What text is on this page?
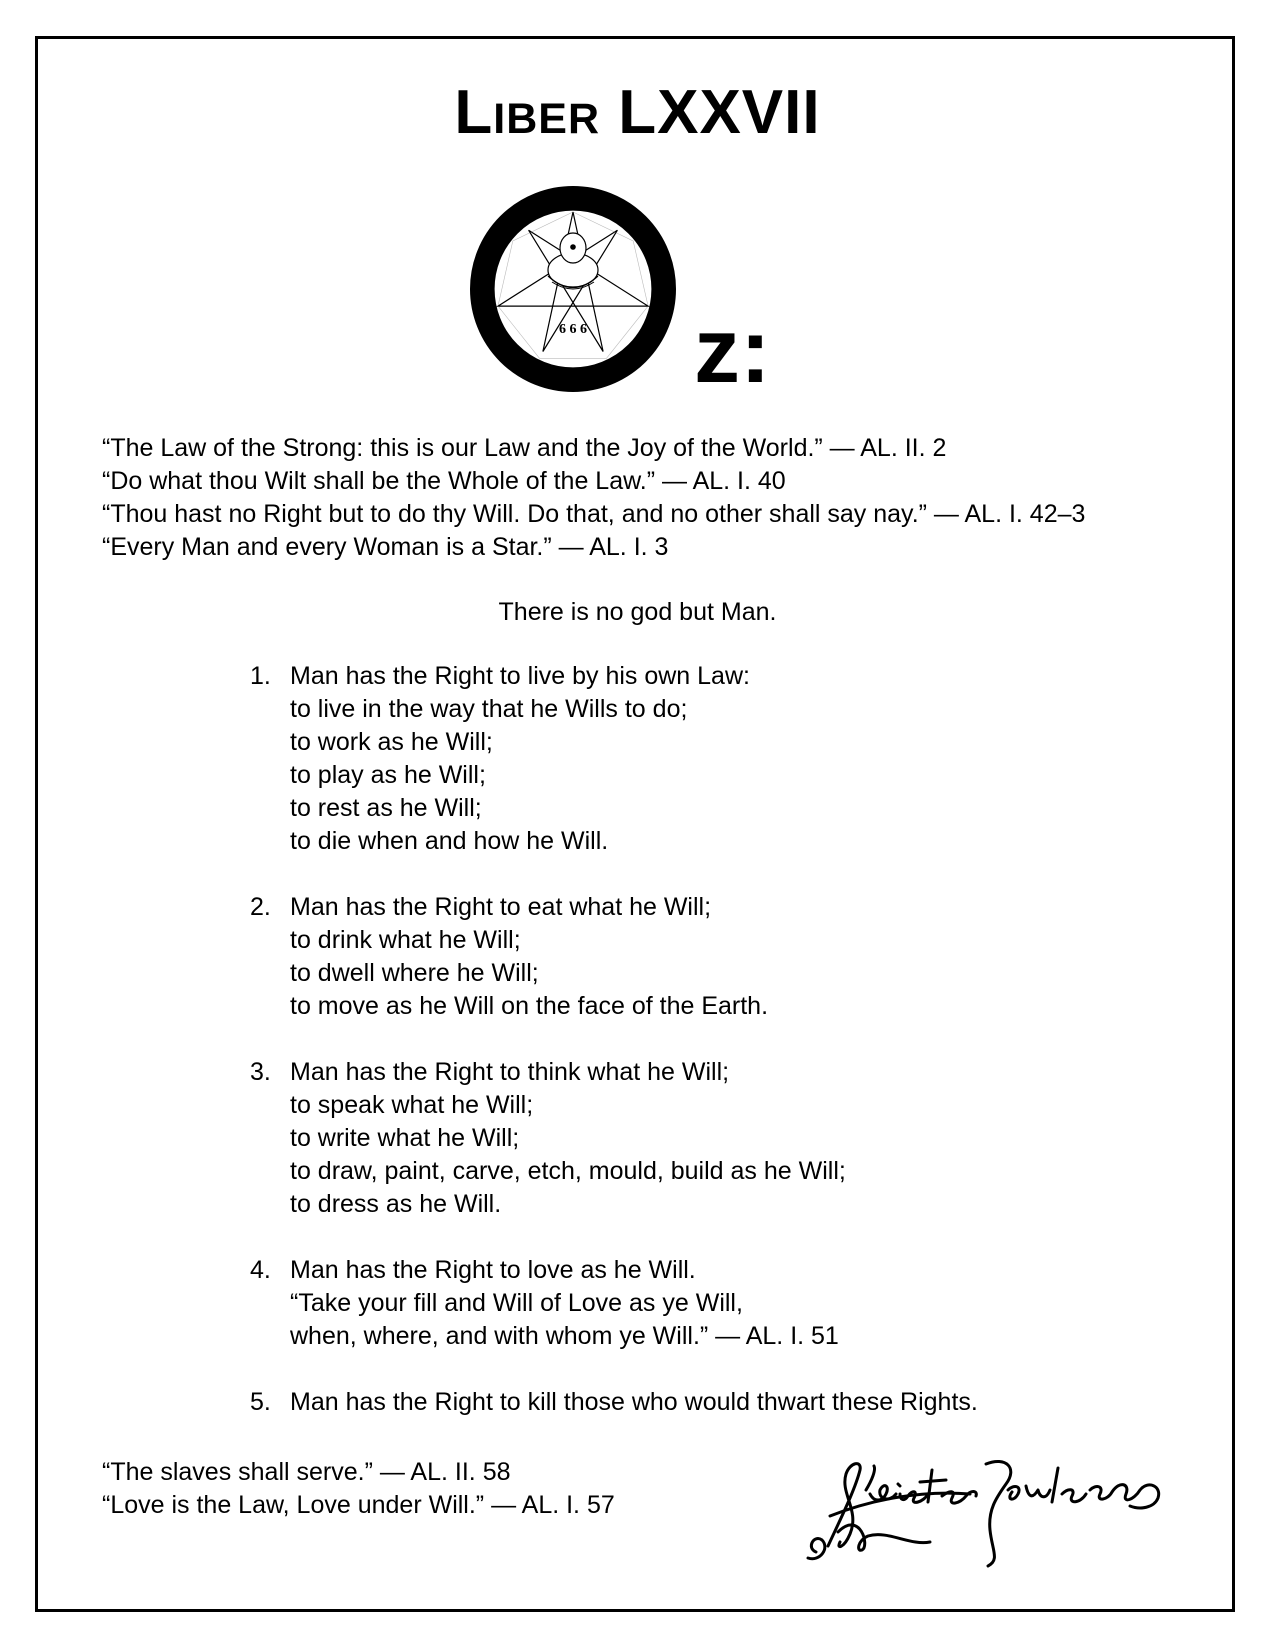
Liber LXXVII
6 6 6 z:
“The Law of the Strong: this is our Law and the Joy of the World.” — AL. II. 2
“Do what thou Wilt shall be the Whole of the Law.” — AL. I. 40
“Thou hast no Right but to do thy Will. Do that, and no other shall say nay.” — AL. I. 42–3
“Every Man and every Woman is a Star.” — AL. I. 3
There is no god but Man.
1. Man has the Right to live by his own Law:
to live in the way that he Wills to do;
to work as he Will;
to play as he Will;
to rest as he Will;
to die when and how he Will.
2. Man has the Right to eat what he Will;
to drink what he Will;
to dwell where he Will;
to move as he Will on the face of the Earth.
3. Man has the Right to think what he Will;
to speak what he Will;
to write what he Will;
to draw, paint, carve, etch, mould, build as he Will;
to dress as he Will.
4. Man has the Right to love as he Will.
“Take your fill and Will of Love as ye Will,
when, where, and with whom ye Will.” — AL. I. 51
5. Man has the Right to kill those who would thwart these Rights.
“The slaves shall serve.” — AL. II. 58
“Love is the Law, Love under Will.” — AL. I. 57
